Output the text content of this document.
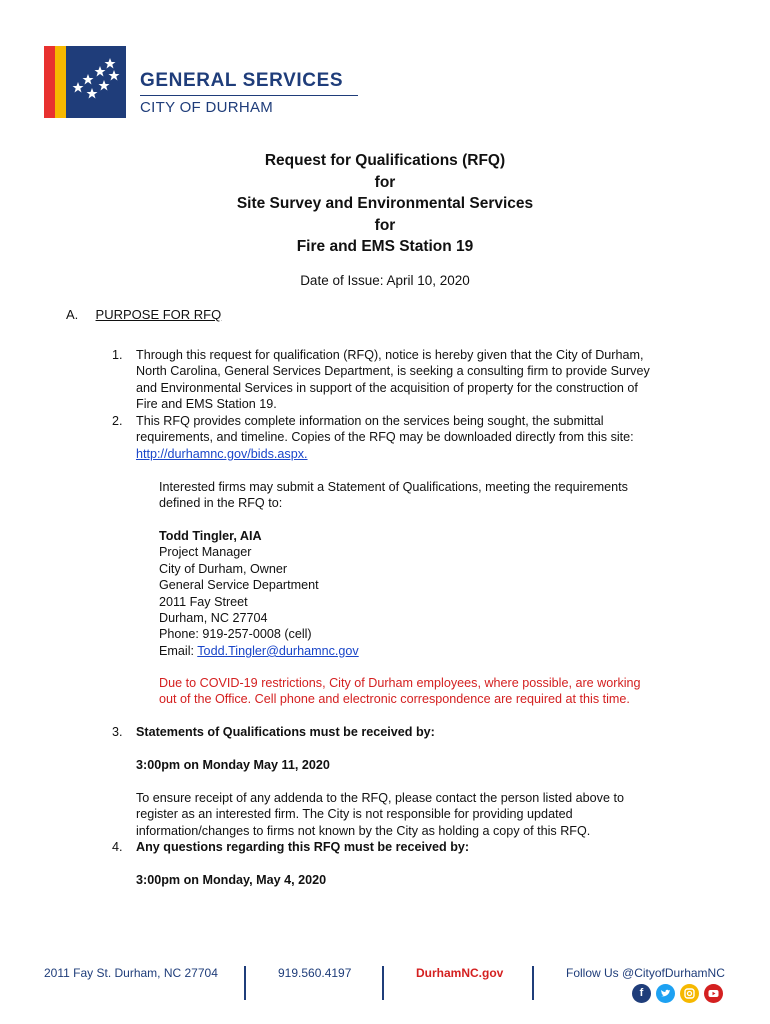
GENERAL SERVICES
CITY OF DURHAM
Request for Qualifications (RFQ)
for
Site Survey and Environmental Services
for
Fire and EMS Station 19
Date of Issue: April 10, 2020
A. PURPOSE FOR RFQ
1. Through this request for qualification (RFQ), notice is hereby given that the City of Durham,
North Carolina, General Services Department, is seeking a consulting firm to provide Survey
and Environmental Services in support of the acquisition of property for the construction of
Fire and EMS Station 19.
2. This RFQ provides complete information on the services being sought, the submittal
requirements, and timeline. Copies of the RFQ may be downloaded directly from this site:
http://durhamnc.gov/bids.aspx.
Interested firms may submit a Statement of Qualifications, meeting the requirements
defined in the RFQ to:
Todd Tingler, AIA
Project Manager
City of Durham, Owner
General Service Department
2011 Fay Street
Durham, NC 27704
Phone: 919-257-0008 (cell)
Email: Todd.Tingler@durhamnc.gov
Due to COVID-19 restrictions, City of Durham employees, where possible, are working
out of the Office. Cell phone and electronic correspondence are required at this time.
3. Statements of Qualifications must be received by:
3:00pm on Monday May 11, 2020
To ensure receipt of any addenda to the RFQ, please contact the person listed above to
register as an interested firm. The City is not responsible for providing updated
information/changes to firms not known by the City as holding a copy of this RFQ.
4. Any questions regarding this RFQ must be received by:
3:00pm on Monday, May 4, 2020
2011 Fay St. Durham, NC 27704	919.560.4197	DurhamNC.gov	Follow Us @CityofDurhamNC
f
